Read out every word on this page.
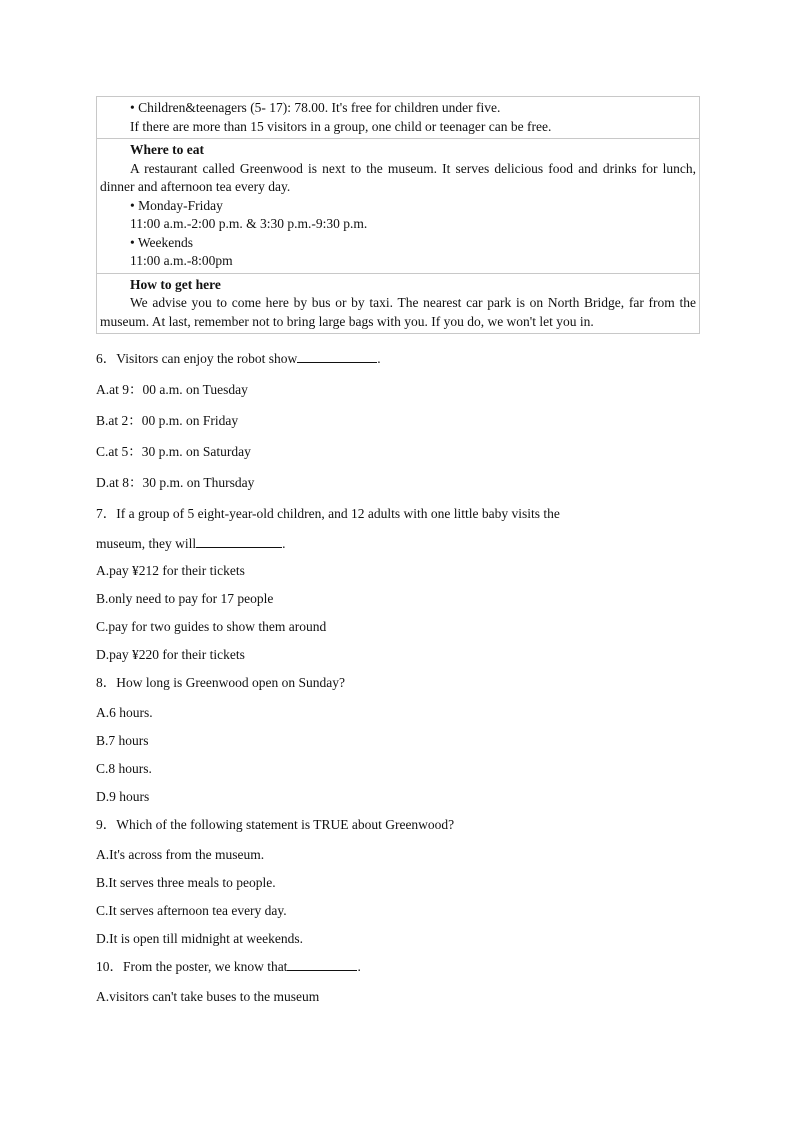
• Children&teenagers (5- 17): 78.00. It's free for children under five.
If there are more than 15 visitors in a group, one child or teenager can be free.

Where to eat
A restaurant called Greenwood is next to the museum. It serves delicious food and drinks for lunch, dinner and afternoon tea every day.
• Monday-Friday
11:00 a.m.-2:00 p.m. & 3:30 p.m.-9:30 p.m.
• Weekends
11:00 a.m.-8:00pm

How to get here
We advise you to come here by bus or by taxi. The nearest car park is on North Bridge, far from the museum. At last, remember not to bring large bags with you. If you do, we won't let you in.

6．Visitors can enjoy the robot show	.

A.at 9：00 a.m. on Tuesday

B.at 2：00 p.m. on Friday

C.at 5：30 p.m. on Saturday

D.at 8：30 p.m. on Thursday

7．If a group of 5 eight-year-old children, and 12 adults with one little baby visits the

museum, they will	.

A.pay ¥212 for their tickets

B.only need to pay for 17 people

C.pay for two guides to show them around

D.pay ¥220 for their tickets

8．How long is Greenwood open on Sunday?

A.6 hours.

B.7 hours

C.8 hours.

D.9 hours

9．Which of the following statement is TRUE about Greenwood?

A.It's across from the museum.

B.It serves three meals to people.

C.It serves afternoon tea every day.

D.It is open till midnight at weekends.

10．From the poster, we know that	.

A.visitors can't take buses to the museum
